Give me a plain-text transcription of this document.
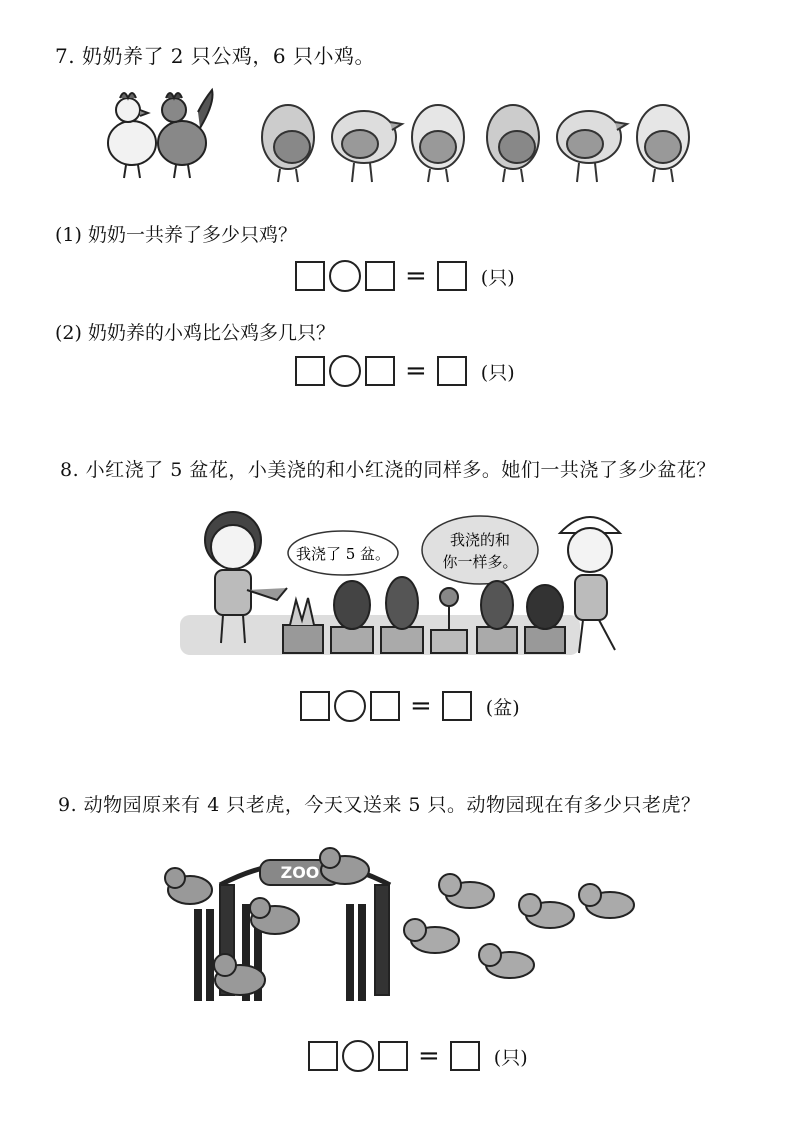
7. 奶奶养了 2 只公鸡，6 只小鸡。
(1) 奶奶一共养了多少只鸡？
=	(只)
(2) 奶奶养的小鸡比公鸡多几只？
=	(只)
8. 小红浇了 5 盆花，小美浇的和小红浇的同样多。她们一共浇了多少盆花？
我浇了 5 盆。
我浇的和
你一样多。
=	(盆)
9. 动物园原来有 4 只老虎，今天又送来 5 只。动物园现在有多少只老虎？
ZOO
=	(只)
